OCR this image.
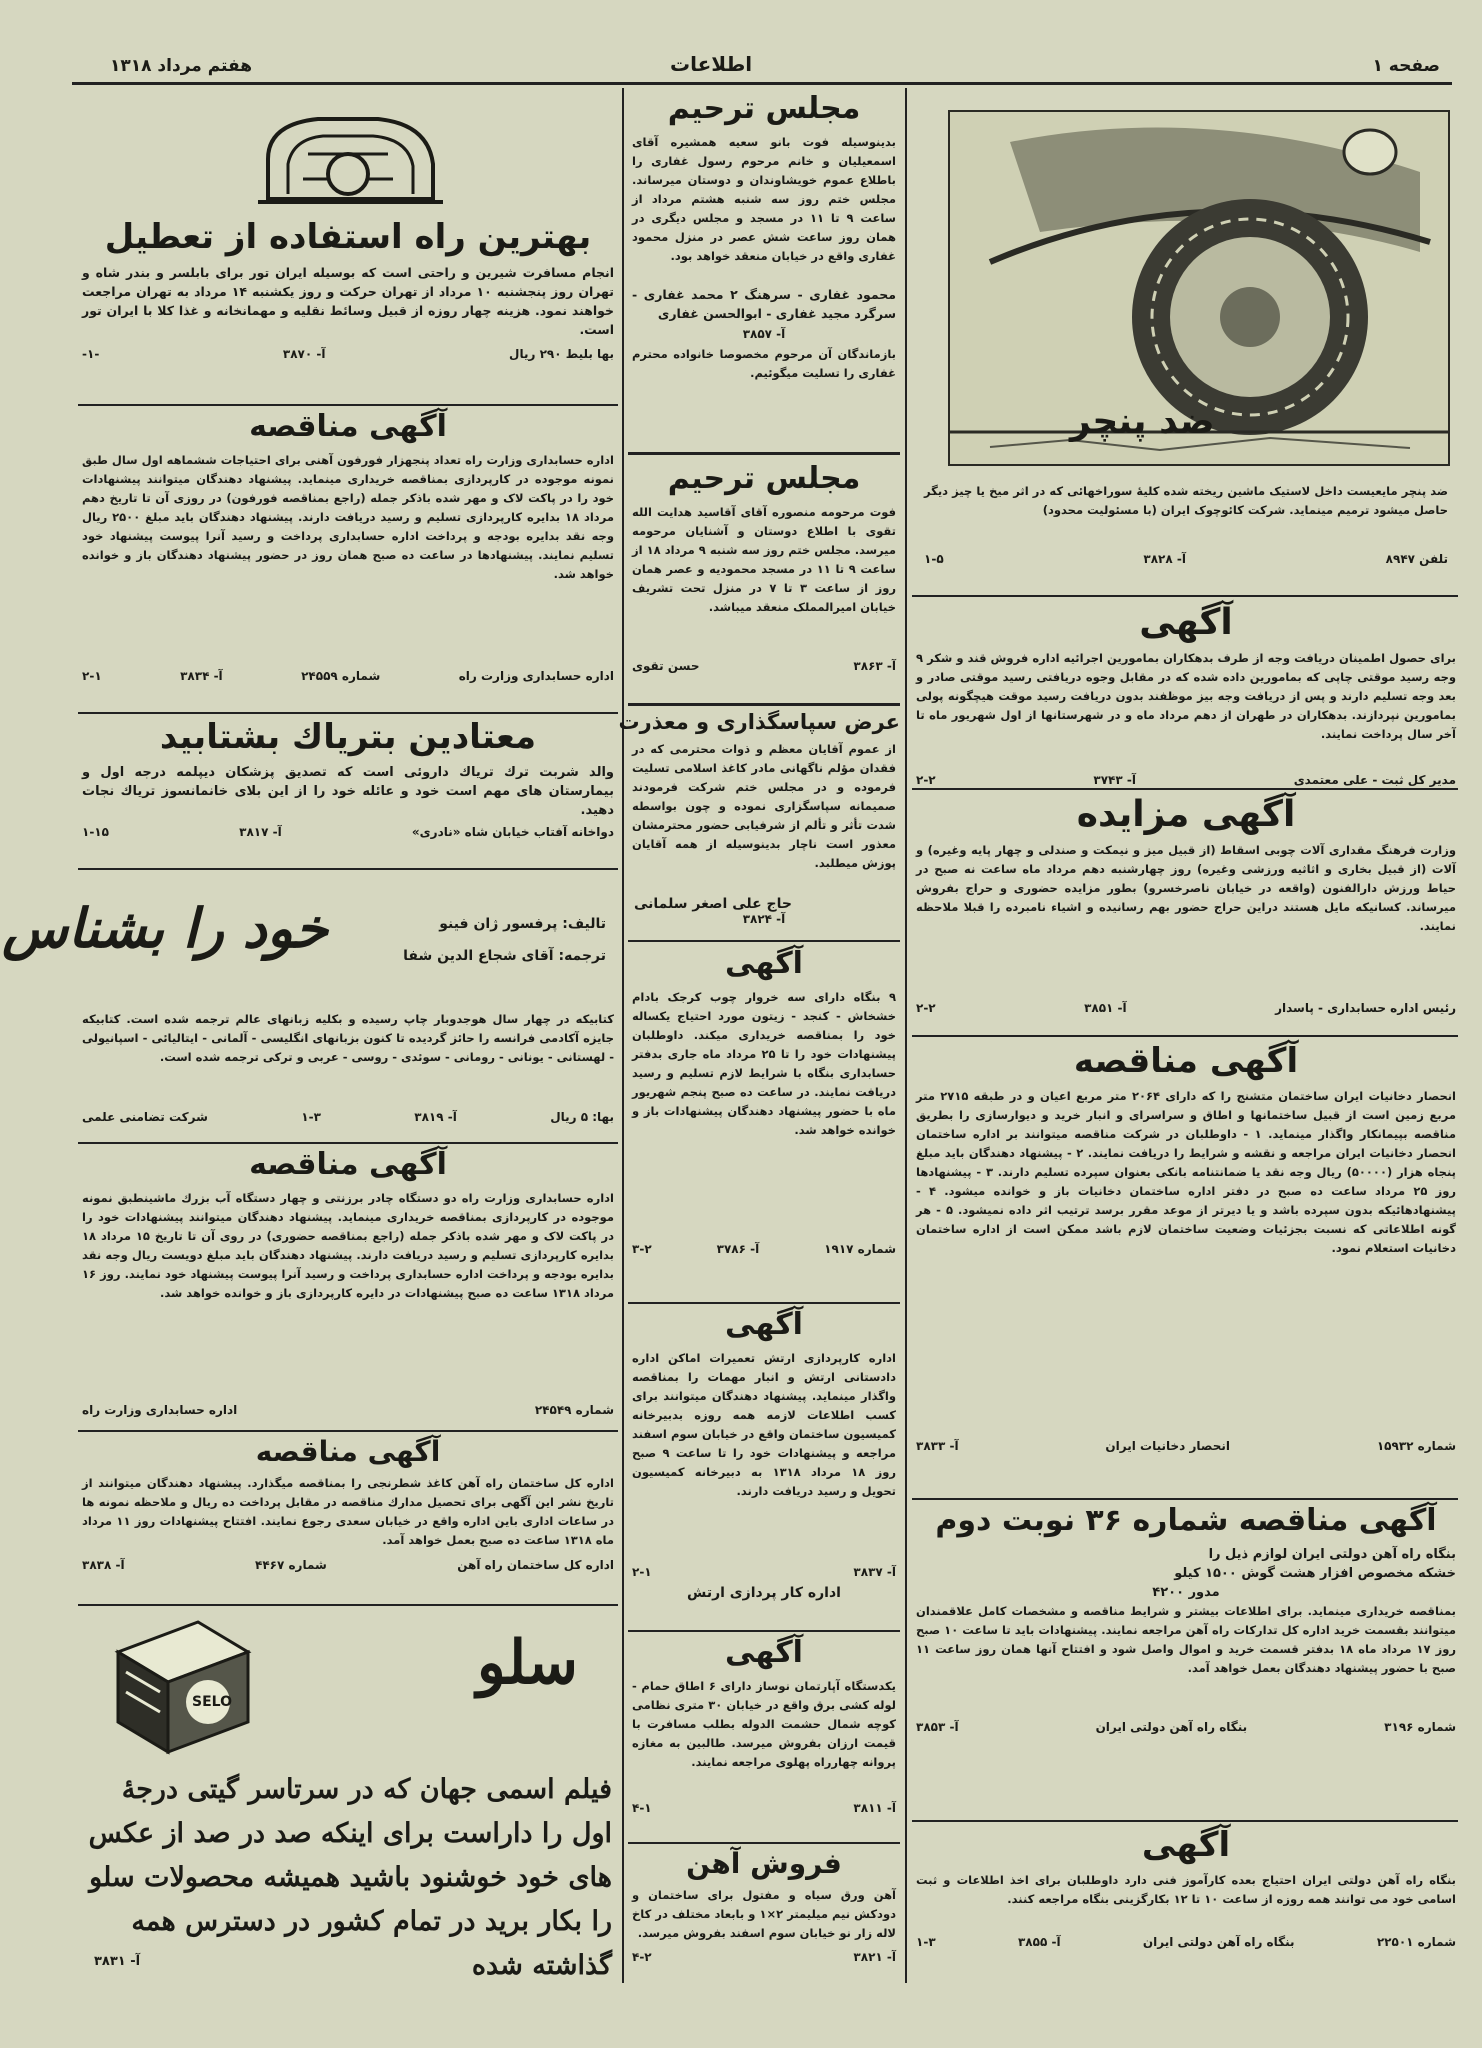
صفحه ۱
اطلاعات
هفتم مرداد ۱۳۱۸
ضد پنچر
ضد پنچر مایعیست داخل لاستیک ماشین ریخته شده کلیهٔ سوراخهائی که در اثر میخ یا چیز دیگر حاصل میشود ترمیم مینماید. شرکت کائوچوک ایران (با مسئولیت محدود)
تلفن ۸۹۴۷
آ- ۳۸۲۸
۱-۵
آگهی
برای حصول اطمینان دریافت وجه از طرف بدهکاران بمامورین اجرائیه اداره فروش قند و شکر ۹ وجه رسید موقتی چاپی که بمامورین داده شده که در مقابل وجوه دریافتی رسید موقتی صادر و بعد وجه تسلیم دارند و پس از دریافت وجه بیز موظفند بدون دریافت رسید موقت هیچگونه پولی بمامورین نپردازند. بدهکاران در طهران از دهم مرداد ماه و در شهرستانها از اول شهریور ماه تا آخر سال پرداخت نمایند.
مدیر کل ثبت - علی معتمدی
آ- ۳۷۴۳
۲-۲
آگهی مزایده
وزارت فرهنگ مقداری آلات چوبی اسقاط (از قبیل میز و نیمکت و صندلی و چهار پایه وغیره) و آلات (از قبیل بخاری و اثاثیه ورزشی وغیره) روز چهارشنبه دهم مرداد ماه ساعت نه صبح در حیاط ورزش دارالفنون (واقعه در خیابان ناصرخسرو) بطور مزایده حضوری و حراج بفروش میرساند. کسانیکه مایل هستند دراین حراج حضور بهم رسانیده و اشیاء نامبرده را قبلا ملاحظه نمایند.
رئیس اداره حسابداری - پاسدار
آ- ۳۸۵۱
۲-۲
آگهی مناقصه
انحصار دخانیات ایران ساختمان متشنج را که دارای ۲۰۶۴ متر مربع اعیان و در طبقه ۲۷۱۵ متر مربع زمین است از قبیل ساختمانها و اطاق و سراسرای و انبار خرید و دیوارسازی را بطریق مناقصه بپیمانکار واگذار مینماید. ۱ - داوطلبان در شرکت مناقصه میتوانند بر اداره ساختمان انحصار دخانیات ایران مراجعه و نقشه و شرایط را دریافت نمایند. ۲ - پیشنهاد دهندگان باید مبلغ پنجاه هزار (۵۰۰۰۰) ریال وجه نقد یا ضمانتنامه بانکی بعنوان سپرده تسلیم دارند. ۳ - پیشنهادها روز ۲۵ مرداد ساعت ده صبح در دفتر اداره ساختمان دخانیات باز و خوانده میشود. ۴ - پیشنهادهائیکه بدون سپرده باشد و یا دیرتر از موعد مقرر برسد ترتیب اثر داده نمیشود. ۵ - هر گونه اطلاعاتی که نسبت بجزئیات وضعیت ساختمان لازم باشد ممکن است از اداره ساختمان دخانیات استعلام نمود.
شماره ۱۵۹۳۲
انحصار دخانیات ایران
آ- ۳۸۳۳
آگهی مناقصه شماره ۳۶ نوبت دوم
بنگاه راه آهن دولتی ایران لوازم ذیل را
خشکه مخصوص افزار هشت گوش ۱۵۰۰ کیلو
مدور ۴۲۰۰
بمناقصه خریداری مینماید. برای اطلاعات بیشتر و شرایط مناقصه و مشخصات کامل علاقمندان میتوانند بقسمت خرید اداره کل تدارکات راه آهن مراجعه نمایند. پیشنهادات باید تا ساعت ۱۰ صبح روز ۱۷ مرداد ماه ۱۸ بدفتر قسمت خرید و اموال واصل شود و افتتاح آنها همان روز ساعت ۱۱ صبح با حضور پیشنهاد دهندگان بعمل خواهد آمد.
شماره ۳۱۹۶
بنگاه راه آهن دولتی ایران
آ- ۳۸۵۳
آگهی
بنگاه راه آهن دولتی ایران احتیاج بعده کارآموز فنی دارد داوطلبان برای اخذ اطلاعات و ثبت اسامی خود می توانند همه روزه از ساعت ۱۰ تا ۱۲ بکارگزینی بنگاه مراجعه کنند.
شماره ۲۲۵۰۱
بنگاه راه آهن دولتی ایران
آ- ۳۸۵۵
۱-۳
مجلس ترحیم
بدینوسیله فوت بانو سعیه همشیره آقای اسمعیلیان و خانم مرحوم رسول غفاری را باطلاع عموم خویشاوندان و دوستان میرساند. مجلس ختم روز سه شنبه هشتم مرداد از ساعت ۹ تا ۱۱ در مسجد و مجلس دیگری در همان روز ساعت شش عصر در منزل محمود غفاری واقع در خیابان منعقد خواهد بود.
محمود غفاری - سرهنگ ۲ محمد غفاری - سرگرد مجید غفاری - ابوالحسن غفاری
آ- ۳۸۵۷
بازماندگان آن مرحوم مخصوصا خانواده محترم غفاری را تسلیت میگوئیم.
مجلس ترحیم
فوت مرحومه منصوره آقای آقاسید هدایت الله تقوی با اطلاع دوستان و آشنایان مرحومه میرسد. مجلس ختم روز سه شنبه ۹ مرداد ۱۸ از ساعت ۹ تا ۱۱ در مسجد محمودیه و عصر همان روز از ساعت ۳ تا ۷ در منزل تحت تشریف خیابان امیرالمملک منعقد میباشد.
آ- ۳۸۶۳
حسن تقوی
عرض سپاسگذاری و معذرت
از عموم آقایان معظم و ذوات محترمی که در فقدان مؤلم ناگهانی مادر کاغذ اسلامی تسلیت فرموده و در مجلس ختم شرکت فرمودند صمیمانه سپاسگزاری نموده و چون بواسطه شدت تأثر و تألم از شرفیابی حضور محترمشان معذور است ناچار بدینوسیله از همه آقایان پوزش میطلبد.
حاج علی اصغر سلمانی
آ- ۳۸۲۴
آگهی
۹ بنگاه دارای سه خروار چوب کرجک بادام خشخاش - کنجد - زیتون مورد احتیاج یکساله خود را بمناقصه خریداری میکند. داوطلبان پیشنهادات خود را تا ۲۵ مرداد ماه جاری بدفتر حسابداری بنگاه با شرایط لازم تسلیم و رسید دریافت نمایند. در ساعت ده صبح پنجم شهریور ماه با حضور پیشنهاد دهندگان پیشنهادات باز و خوانده خواهد شد.
شماره ۱۹۱۷
آ- ۳۷۸۶
۳-۲
آگهی
اداره کارپردازی ارتش تعمیرات اماکن اداره دادستانی ارتش و انبار مهمات را بمناقصه واگذار مینماید. پیشنهاد دهندگان میتوانند برای کسب اطلاعات لازمه همه روزه بدبیرخانه کمیسیون ساختمان واقع در خیابان سوم اسفند مراجعه و پیشنهادات خود را تا ساعت ۹ صبح روز ۱۸ مرداد ۱۳۱۸ به دبیرخانه کمیسیون تحویل و رسید دریافت دارند.
آ- ۳۸۳۷
۲-۱
اداره کار پردازی ارتش
آگهی
یکدستگاه آپارتمان نوساز دارای ۶ اطاق حمام - لوله کشی برق واقع در خیابان ۳۰ متری نظامی کوچه شمال حشمت الدوله بطلب مسافرت با قیمت ارزان بفروش میرسد. طالبین به مغازه پروانه چهارراه پهلوی مراجعه نمایند.
آ- ۳۸۱۱
۴-۱
فروش آهن
آهن ورق سیاه و مفتول برای ساختمان و دودکش نیم میلیمتر ۲×۱ و بابعاد مختلف در کاخ لاله زار نو خیابان سوم اسفند بفروش میرسد.
آ- ۳۸۲۱
۴-۲
بهترین راه استفاده از تعطیل
انجام مسافرت شیرین و راحتی است که بوسیله ایران تور برای بابلسر و بندر شاه و تهران روز پنجشنبه ۱۰ مرداد از تهران حرکت و روز یکشنبه ۱۴ مرداد به تهران مراجعت خواهند نمود. هزینه چهار روزه از قبیل وسائط نقلیه و مهمانخانه و غذا کلا با ایران تور است.
بها بلیط ۲۹۰ ریال
آ- ۳۸۷۰
-۱-
آگهی مناقصه
اداره حسابداری وزارت راه تعداد پنجهزار فورفون آهنی برای احتیاجات ششماهه اول سال طبق نمونه موجوده در کارپردازی بمناقصه خریداری مینماید. پیشنهاد دهندگان میتوانند پیشنهادات خود را در پاکت لاک و مهر شده باذکر جمله (راجع بمناقصه فورفون) در روزی آن تا تاریخ دهم مرداد ۱۸ بدایره کارپردازی تسلیم و رسید دریافت دارند. پیشنهاد دهندگان باید مبلغ ۲۵۰۰ ریال وجه نقد بدایره بودجه و پرداخت اداره حسابداری پرداخت و رسید آنرا پیوست پیشنهاد خود تسلیم نمایند. پیشنهادها در ساعت ده صبح همان روز در حضور پیشنهاد دهندگان باز و خوانده خواهد شد.
اداره حسابداری وزارت راه
شماره ۲۴۵۵۹
آ- ۳۸۳۴
۲-۱
معتادین بتریاك بشتابید
والد شربت ترك تریاك داروئی است که تصدیق پزشکان دیپلمه درجه اول و بیمارستان های مهم است خود و عائله خود را از این بلای خانمانسوز تریاك نجات دهید.
دواخانه آفتاب خیابان شاه «نادری»
آ- ۳۸۱۷
۱-۱۵
خود را بشناس	تالیف: پرفسور ژان فینو
ترجمه: آقای شجاع الدین شفا
کتابیکه در چهار سال هوجدوبار چاپ رسیده و بکلیه زبانهای عالم ترجمه شده است. کتابیکه جایزه آکادمی فرانسه را حائز گردیده تا کنون بزبانهای انگلیسی - آلمانی - ایتالیائی - اسپانیولی - لهستانی - یونانی - رومانی - سوئدی - روسی - عربی و ترکی ترجمه شده است.
بها: ۵ ریال
آ- ۳۸۱۹
۱-۳
شرکت تضامنی علمی
آگهی مناقصه
اداره حسابداری وزارت راه دو دستگاه چادر برزنتی و چهار دستگاه آب بزرك ماشینطبق نمونه موجوده در کارپردازی بمناقصه خریداری مینماید. پیشنهاد دهندگان میتوانند پیشنهادات خود را در پاکت لاک و مهر شده باذکر جمله (راجع بمناقصه حضوری) در روی آن تا تاریخ ۱۵ مرداد ۱۸ بدایره کارپردازی تسلیم و رسید دریافت دارند. پیشنهاد دهندگان باید مبلغ دویست ریال وجه نقد بدایره بودجه و پرداخت اداره حسابداری پرداخت و رسید آنرا پیوست پیشنهاد خود نمایند. روز ۱۶ مرداد ۱۳۱۸ ساعت ده صبح پیشنهادات در دایره کارپردازی باز و خوانده خواهد شد.
شماره ۲۴۵۴۹
اداره حسابداری وزارت راه
آگهی مناقصه
اداره کل ساختمان راه آهن کاغذ شطرنجی را بمناقصه میگذارد. پیشنهاد دهندگان میتوانند از تاریخ نشر این آگهی برای تحصیل مدارك مناقصه در مقابل پرداخت ده ریال و ملاحظه نمونه ها در ساعات اداری باین اداره واقع در خیابان سعدی رجوع نمایند. افتتاح پیشنهادات روز ۱۱ مرداد ماه ۱۳۱۸ ساعت ده صبح بعمل خواهد آمد.
اداره کل ساختمان راه آهن
شماره ۴۴۶۷
آ- ۳۸۳۸
SELO
سلو
فیلم اسمی جهان که در سرتاسر گیتی درجهٔ اول را داراست برای اینکه صد در صد از عکس های خود خوشنود باشید همیشه محصولات سلو را بکار برید در تمام کشور در دسترس همه گذاشته شده
آ- ۳۸۳۱
